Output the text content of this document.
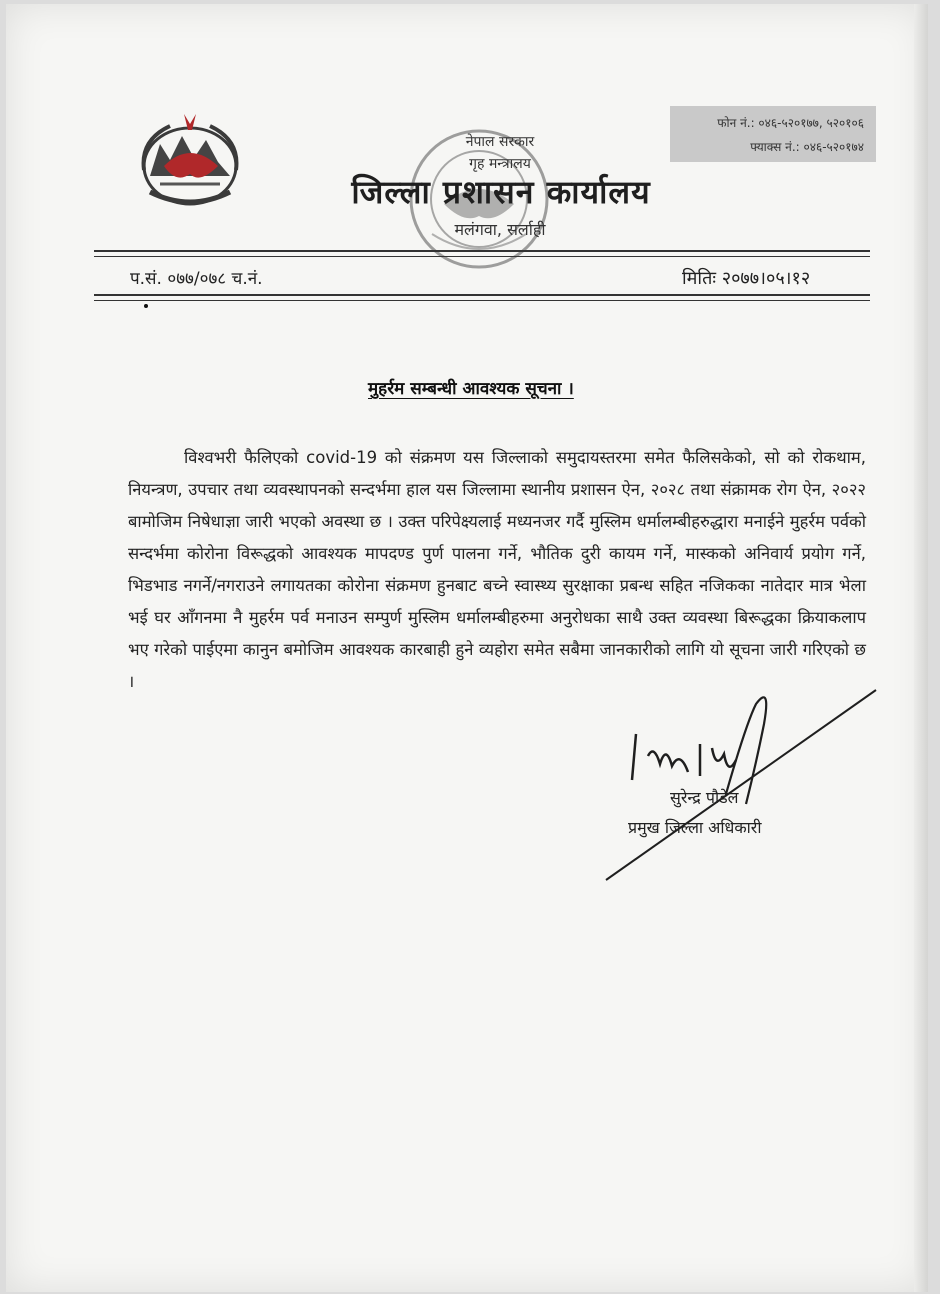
नेपाल सरकार
गृह मन्त्रालय
जिल्ला प्रशासन कार्यालय
मलंगवा, सर्लाही
फोन नं.: ०४६-५२०१७७, ५२०१०६
फ्याक्स नं.: ०४६-५२०१७४
प.सं. ०७७/०७८ च.नं.	मितिः २०७७।०५।१२
मुहर्रम सम्बन्धी आवश्यक सूचना ।

विश्वभरी फैलिएको covid-19 को संक्रमण यस जिल्लाको समुदायस्तरमा समेत फैलिसकेको, सो को रोकथाम, नियन्त्रण, उपचार तथा व्यवस्थापनको सन्दर्भमा हाल यस जिल्लामा स्थानीय प्रशासन ऐन, २०२८ तथा संक्रामक रोग ऐन, २०२२ बामोजिम निषेधाज्ञा जारी भएको अवस्था छ । उक्त परिपेक्ष्यलाई मध्यनजर गर्दै मुस्लिम धर्मालम्बीहरुद्धारा मनाईने मुहर्रम पर्वको सन्दर्भमा कोरोना विरूद्धको आवश्यक मापदण्ड पुर्ण पालना गर्ने, भौतिक दुरी कायम गर्ने, मास्कको अनिवार्य प्रयोग गर्ने, भिडभाड नगर्ने/नगराउने लगायतका कोरोना संक्रमण हुनबाट बच्ने स्वास्थ्य सुरक्षाका प्रबन्ध सहित नजिकका नातेदार मात्र भेला भई घर आँगनमा नै मुहर्रम पर्व मनाउन सम्पुर्ण मुस्लिम धर्मालम्बीहरुमा अनुरोधका साथै उक्त व्यवस्था बिरूद्धका क्रियाकलाप भए गरेको पाईएमा कानुन बमोजिम आवश्यक कारबाही हुने व्यहोरा समेत सबैमा जानकारीको लागि यो सूचना जारी गरिएको छ ।

सुरेन्द्र पौडेल
प्रमुख जिल्ला अधिकारी
